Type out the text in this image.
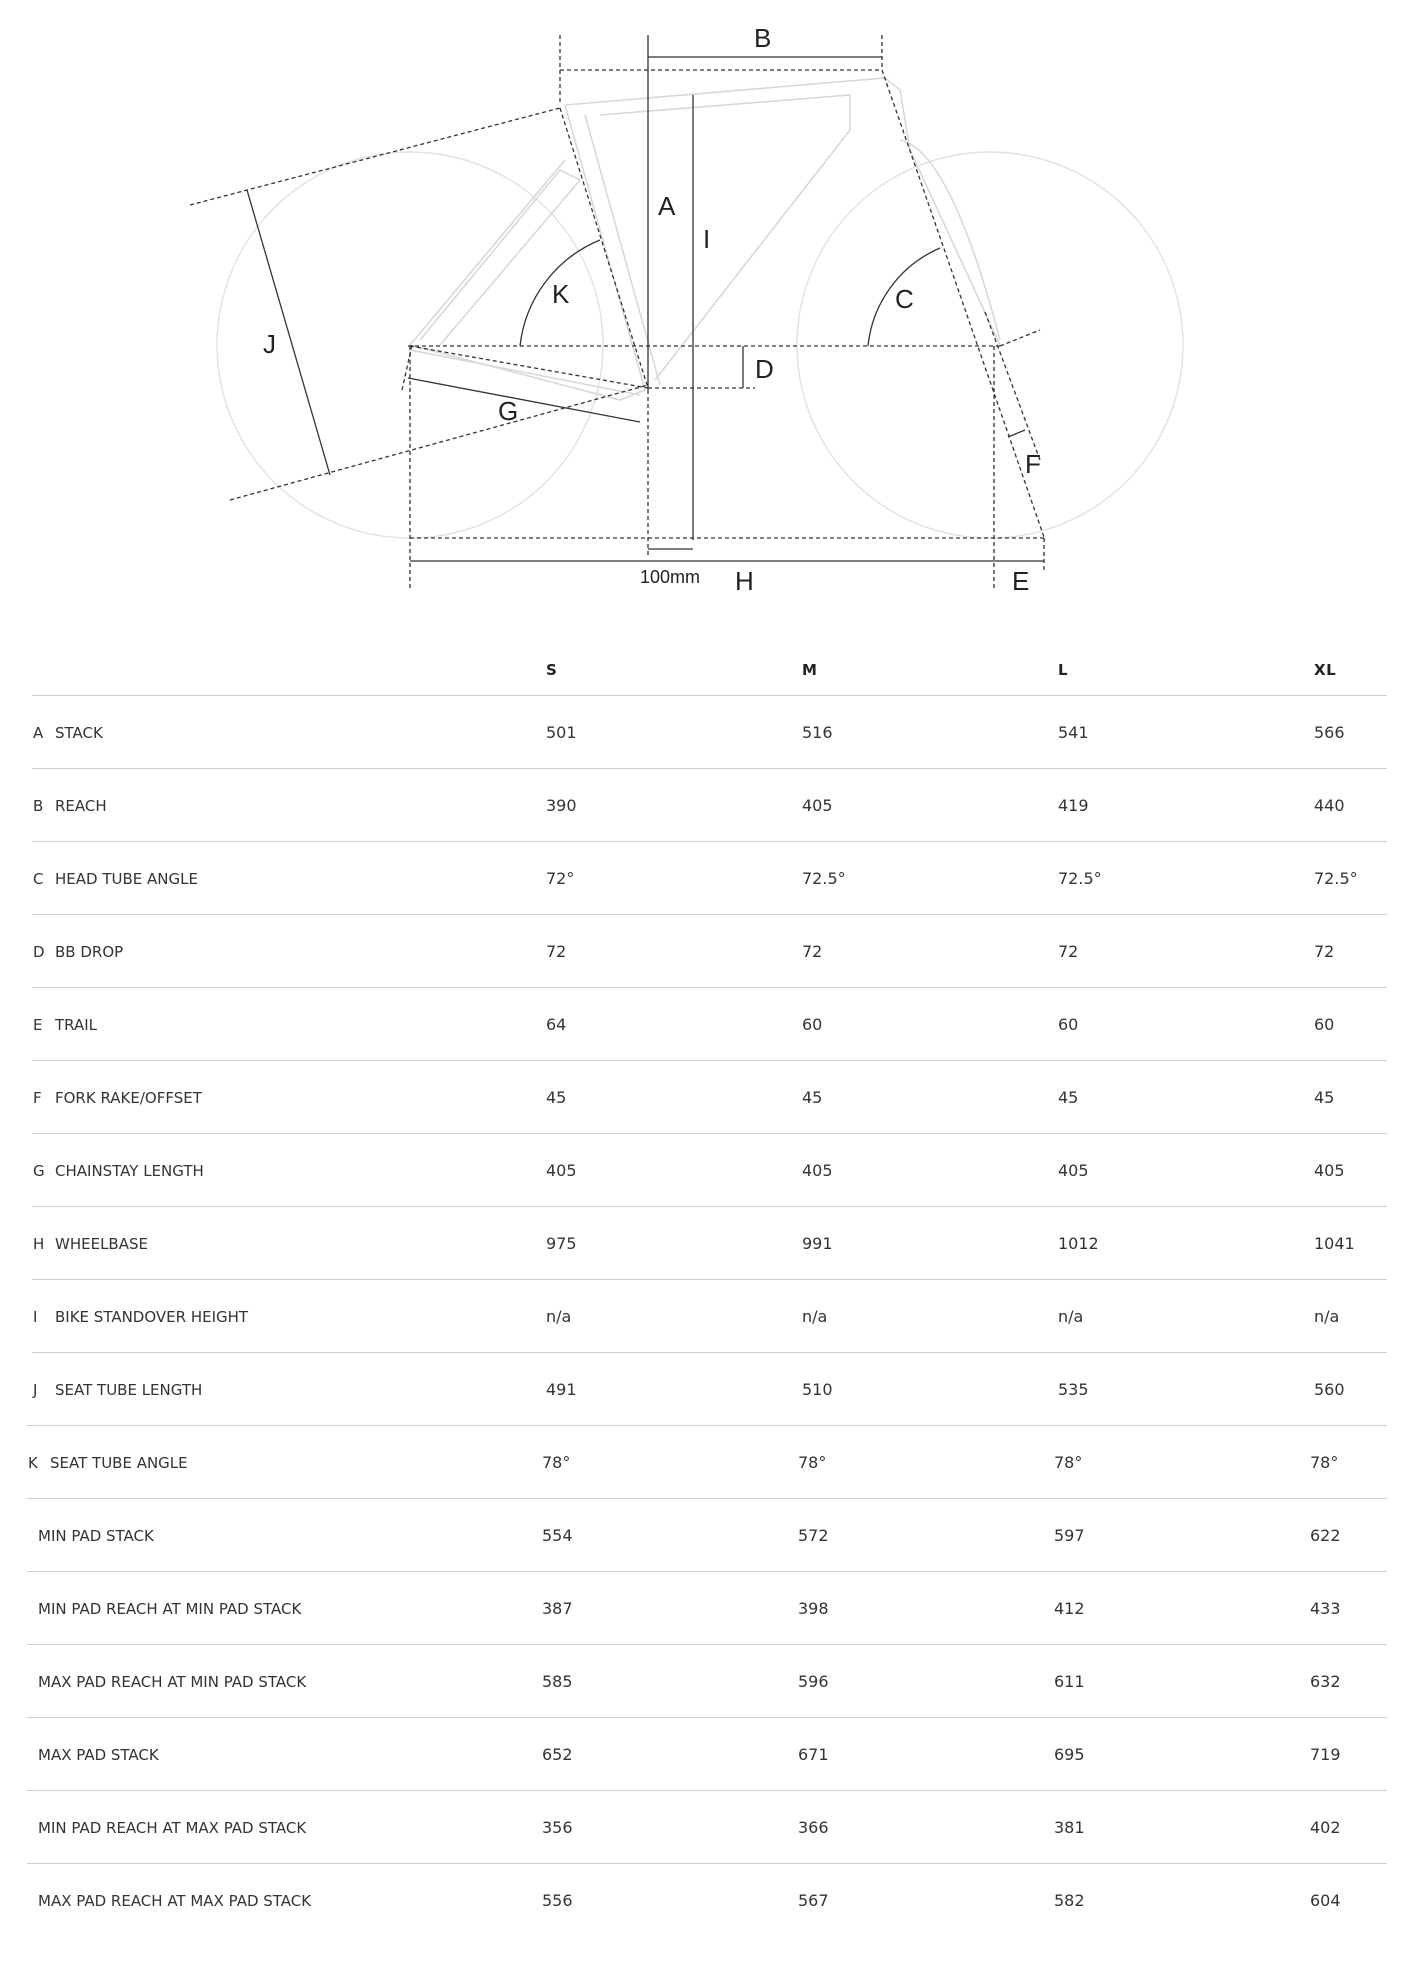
B
A
I
K	C
J
D
G
F
100mm H	E
S	M	L	XL
A STACK	501	516	541	566
B REACH	390	405	419	440
C HEAD TUBE ANGLE	72°	72.5°	72.5°	72.5°
D BB DROP	72	72	72	72
E TRAIL	64	60	60	60
F FORK RAKE/OFFSET	45	45	45	45
G CHAINSTAY LENGTH	405	405	405	405
H WHEELBASE	975	991	1012	1041
I BIKE STANDOVER HEIGHT	n/a	n/a	n/a	n/a
J SEAT TUBE LENGTH	491	510	535	560
K SEAT TUBE ANGLE	78°	78°	78°	78°
MIN PAD STACK	554	572	597	622
MIN PAD REACH AT MIN PAD STACK	387	398	412	433
MAX PAD REACH AT MIN PAD STACK	585	596	611	632
MAX PAD STACK	652	671	695	719
MIN PAD REACH AT MAX PAD STACK	356	366	381	402
MAX PAD REACH AT MAX PAD STACK	556	567	582	604
